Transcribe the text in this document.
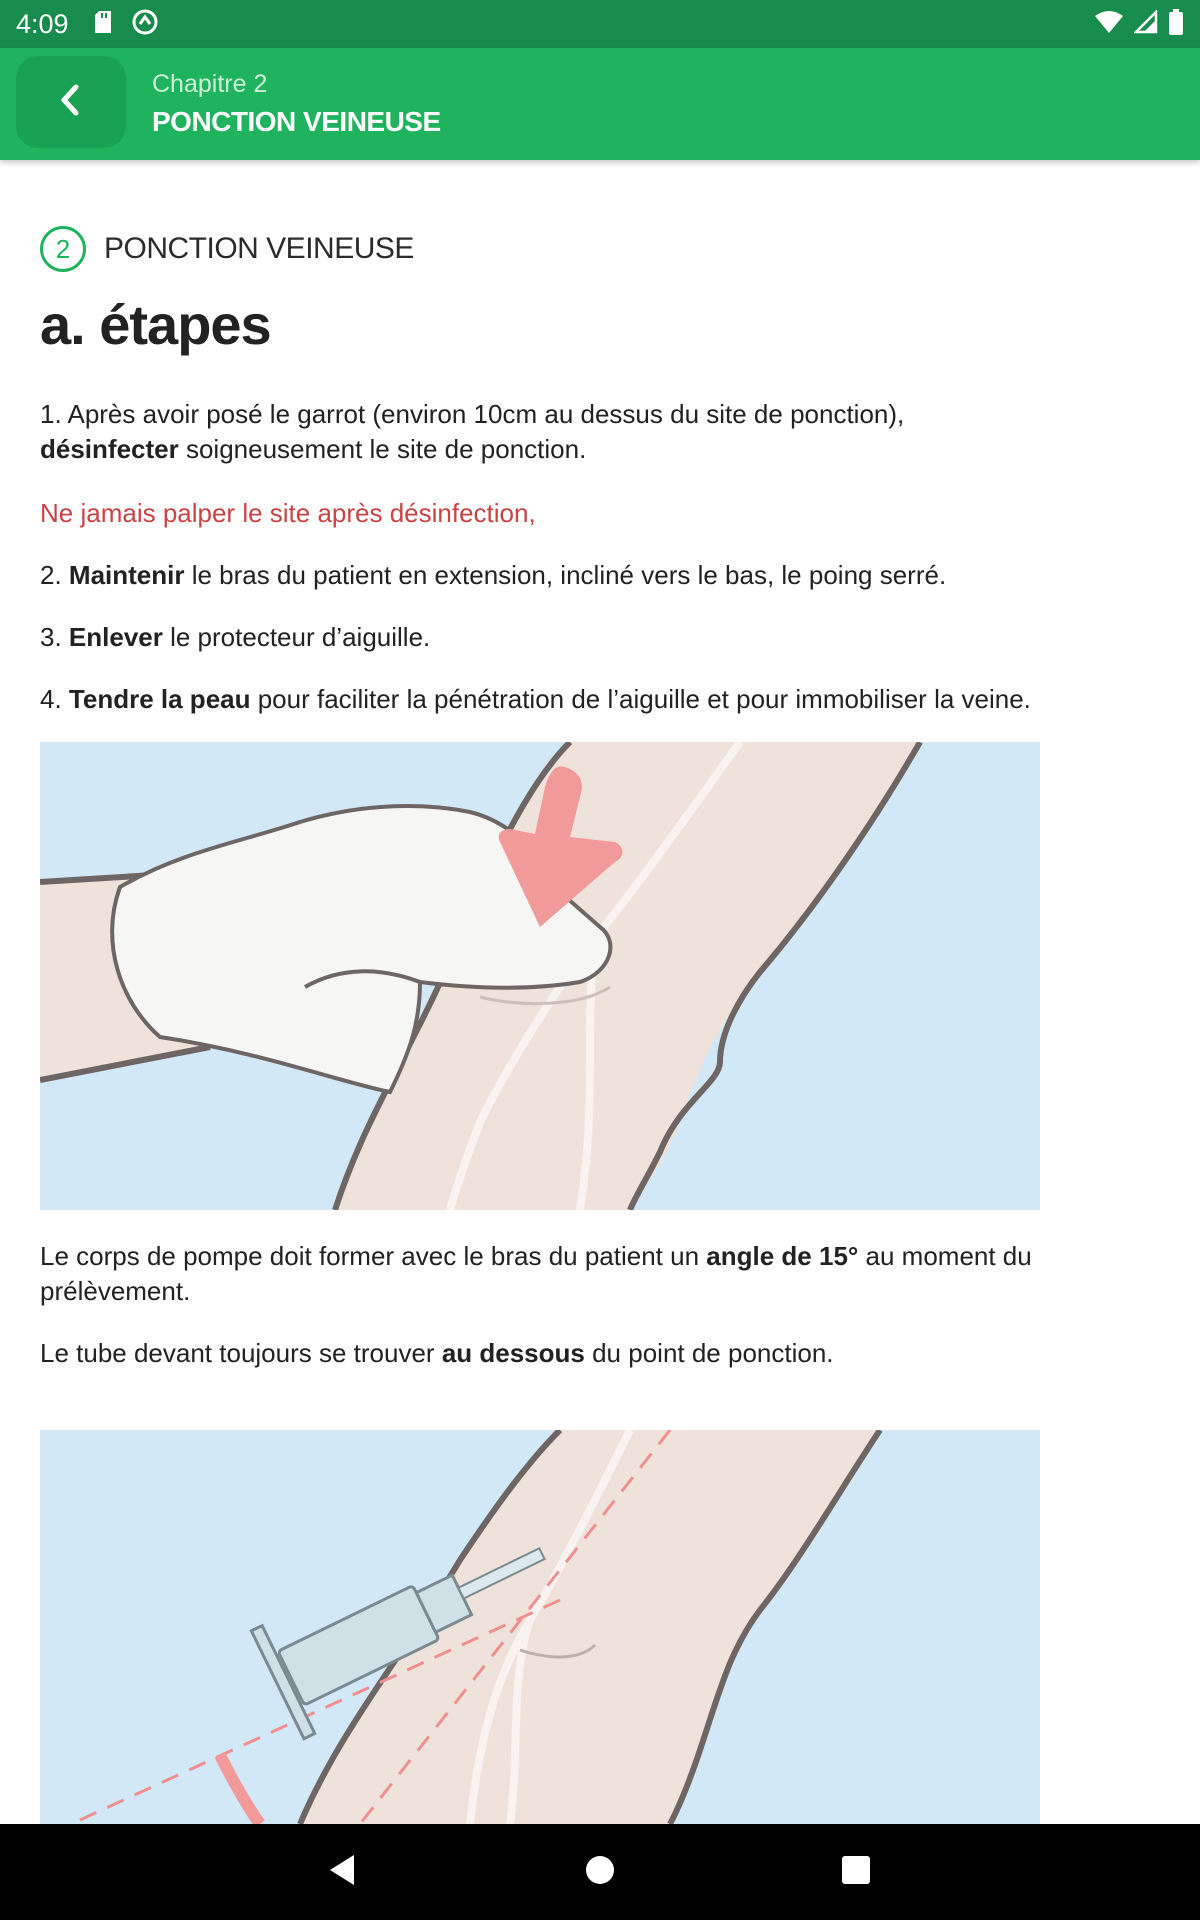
4:09
Chapitre 2
PONCTION VEINEUSE
2	PONCTION VEINEUSE
a. étapes
1. Après avoir posé le garrot (environ 10cm au dessus du site de ponction), désinfecter soigneusement le site de ponction.
Ne jamais palper le site après désinfection,
2. Maintenir le bras du patient en extension, incliné vers le bas, le poing serré.
3. Enlever le protecteur d’aiguille.
4. Tendre la peau pour faciliter la pénétration de l’aiguille et pour immobiliser la veine.
Le corps de pompe doit former avec le bras du patient un angle de 15° au moment du prélèvement.
Le tube devant toujours se trouver au dessous du point de ponction.
